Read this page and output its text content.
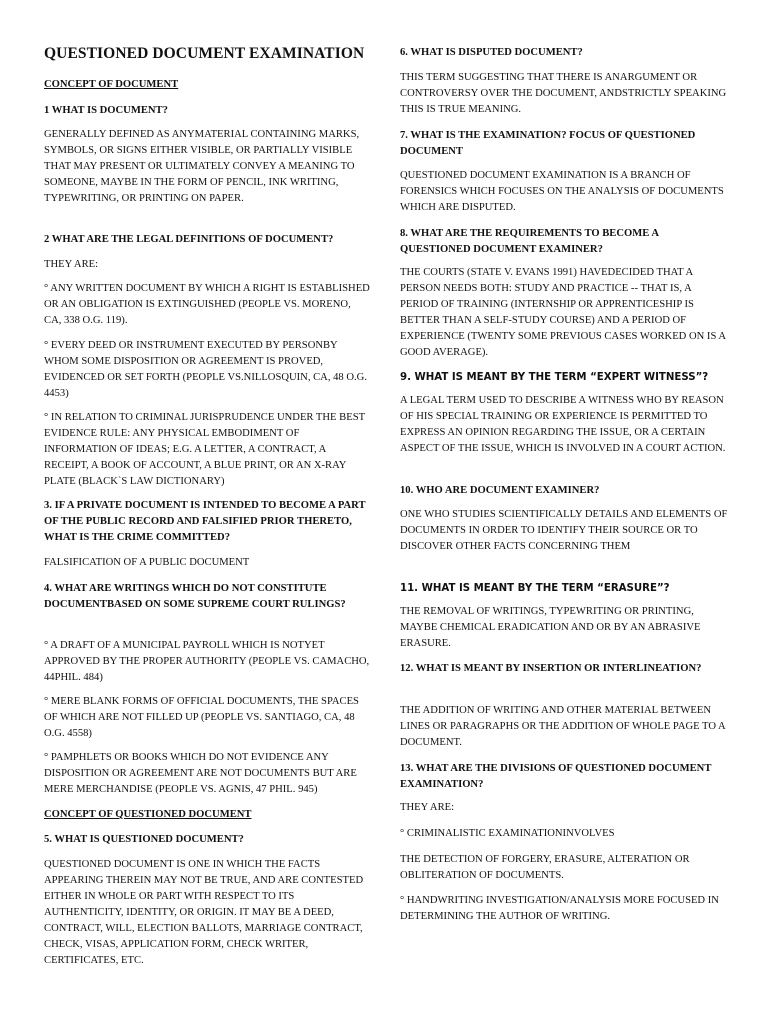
QUESTIONED DOCUMENT EXAMINATION

CONCEPT OF DOCUMENT

1 WHAT IS DOCUMENT?

GENERALLY DEFINED AS ANYMATERIAL CONTAINING MARKS, SYMBOLS, OR SIGNS EITHER VISIBLE, OR PARTIALLY VISIBLE THAT MAY PRESENT OR ULTIMATELY CONVEY A MEANING TO SOMEONE, MAYBE IN THE FORM OF PENCIL, INK WRITING, TYPEWRITING, OR PRINTING ON PAPER.

2 WHAT ARE THE LEGAL DEFINITIONS OF DOCUMENT?

THEY ARE:

° ANY WRITTEN DOCUMENT BY WHICH A RIGHT IS ESTABLISHED OR AN OBLIGATION IS EXTINGUISHED (PEOPLE VS. MORENO, CA, 338 O.G. 119).

° EVERY DEED OR INSTRUMENT EXECUTED BY PERSONBY WHOM SOME DISPOSITION OR AGREEMENT IS PROVED, EVIDENCED OR SET FORTH (PEOPLE VS.NILLOSQUIN, CA, 48 O.G. 4453)

° IN RELATION TO CRIMINAL JURISPRUDENCE UNDER THE BEST EVIDENCE RULE: ANY PHYSICAL EMBODIMENT OF INFORMATION OF IDEAS; E.G. A LETTER, A CONTRACT, A RECEIPT, A BOOK OF ACCOUNT, A BLUE PRINT, OR AN X-RAY PLATE (BLACK`S LAW DICTIONARY)

3. IF A PRIVATE DOCUMENT IS INTENDED TO BECOME A PART OF THE PUBLIC RECORD AND FALSIFIED PRIOR THERETO, WHAT IS THE CRIME COMMITTED?

FALSIFICATION OF A PUBLIC DOCUMENT

4. WHAT ARE WRITINGS WHICH DO NOT CONSTITUTE DOCUMENTBASED ON SOME SUPREME COURT RULINGS?

° A DRAFT OF A MUNICIPAL PAYROLL WHICH IS NOTYET APPROVED BY THE PROPER AUTHORITY (PEOPLE VS. CAMACHO, 44PHIL. 484)

° MERE BLANK FORMS OF OFFICIAL DOCUMENTS, THE SPACES OF WHICH ARE NOT FILLED UP (PEOPLE VS. SANTIAGO, CA, 48 O.G. 4558)

° PAMPHLETS OR BOOKS WHICH DO NOT EVIDENCE ANY DISPOSITION OR AGREEMENT ARE NOT DOCUMENTS BUT ARE MERE MERCHANDISE (PEOPLE VS. AGNIS, 47 PHIL. 945)

CONCEPT OF QUESTIONED DOCUMENT

5. WHAT IS QUESTIONED DOCUMENT?

QUESTIONED DOCUMENT IS ONE IN WHICH THE FACTS APPEARING THEREIN MAY NOT BE TRUE, AND ARE CONTESTED EITHER IN WHOLE OR PART WITH RESPECT TO ITS AUTHENTICITY, IDENTITY, OR ORIGIN. IT MAY BE A DEED, CONTRACT, WILL, ELECTION BALLOTS, MARRIAGE CONTRACT, CHECK, VISAS, APPLICATION FORM, CHECK WRITER, CERTIFICATES, ETC.

6. WHAT IS DISPUTED DOCUMENT?

THIS TERM SUGGESTING THAT THERE IS ANARGUMENT OR CONTROVERSY OVER THE DOCUMENT, ANDSTRICTLY SPEAKING THIS IS TRUE MEANING.

7. WHAT IS THE EXAMINATION? FOCUS OF QUESTIONED DOCUMENT

QUESTIONED DOCUMENT EXAMINATION IS A BRANCH OF FORENSICS WHICH FOCUSES ON THE ANALYSIS OF DOCUMENTS WHICH ARE DISPUTED.

8. WHAT ARE THE REQUIREMENTS TO BECOME A QUESTIONED DOCUMENT EXAMINER?

THE COURTS (STATE V. EVANS 1991) HAVEDECIDED THAT A PERSON NEEDS BOTH: STUDY AND PRACTICE -- THAT IS, A PERIOD OF TRAINING (INTERNSHIP OR APPRENTICESHIP IS BETTER THAN A SELF-STUDY COURSE) AND A PERIOD OF EXPERIENCE (TWENTY SOME PREVIOUS CASES WORKED ON IS A GOOD AVERAGE).

9. WHAT IS MEANT BY THE TERM “EXPERT WITNESS”?

A LEGAL TERM USED TO DESCRIBE A WITNESS WHO BY REASON OF HIS SPECIAL TRAINING OR EXPERIENCE IS PERMITTED TO EXPRESS AN OPINION REGARDING THE ISSUE, OR A CERTAIN ASPECT OF THE ISSUE, WHICH IS INVOLVED IN A COURT ACTION.

10. WHO ARE DOCUMENT EXAMINER?

ONE WHO STUDIES SCIENTIFICALLY DETAILS AND ELEMENTS OF DOCUMENTS IN ORDER TO IDENTIFY THEIR SOURCE OR TO DISCOVER OTHER FACTS CONCERNING THEM

11. WHAT IS MEANT BY THE TERM “ERASURE”?

THE REMOVAL OF WRITINGS, TYPEWRITING OR PRINTING, MAYBE CHEMICAL ERADICATION AND OR BY AN ABRASIVE ERASURE.

12. WHAT IS MEANT BY INSERTION OR INTERLINEATION?

THE ADDITION OF WRITING AND OTHER MATERIAL BETWEEN LINES OR PARAGRAPHS OR THE ADDITION OF WHOLE PAGE TO A DOCUMENT.

13. WHAT ARE THE DIVISIONS OF QUESTIONED DOCUMENT EXAMINATION?

THEY ARE:

° CRIMINALISTIC EXAMINATIONINVOLVES

THE DETECTION OF FORGERY, ERASURE, ALTERATION OR OBLITERATION OF DOCUMENTS.

° HANDWRITING INVESTIGATION/ANALYSIS MORE FOCUSED IN DETERMINING THE AUTHOR OF WRITING.
